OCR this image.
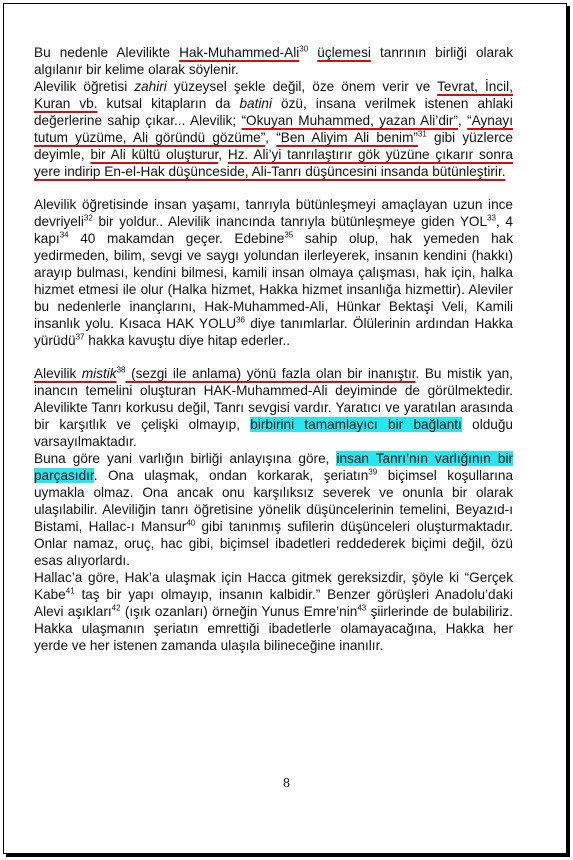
Bu nedenle Alevilikte Hak-Muhammed-Ali$^{30}$ üçlemesi tanrının birliği olarak algılanır bir kelime olarak söylenir.

Alevilik öğretisi zahiri yüzeysel şekle değil, öze önem verir ve Tevrat, İncil, Kuran vb. kutsal kitapların da batini özü, insana verilmek istenen ahlaki değerlerine sahip çıkar... Alevilik; “Okuyan Muhammed, yazan Ali’dir”, “Aynayı tutum yüzüme, Ali göründü gözüme”, “Ben Aliyim Ali benim”$^{31}$ gibi yüzlerce deyimle, bir Ali kültü oluşturur, Hz. Ali’yi tanrılaştırır gök yüzüne çıkarır sonra yere indirip En-el-Hak düşünceside, Ali-Tanrı düşüncesini insanda bütünleştirir.

Alevilik öğretisinde insan yaşamı, tanrıyla bütünleşmeyi amaçlayan uzun ince devriyeli$^{32}$ bir yoldur.. Alevilik inancında tanrıyla bütünleşmeye giden YOL$^{33}$, 4 kapı$^{34}$ 40 makamdan geçer. Edebine$^{35}$ sahip olup, hak yemeden hak yedirmeden, bilim, sevgi ve saygı yolundan ilerleyerek, insanın kendini (hakkı) arayıp bulması, kendini bilmesi, kamili insan olmaya çalışması, hak için, halka hizmet etmesi ile olur (Halka hizmet, Hakka hizmet insanlığa hizmettir). Aleviler bu nedenlerle inançlarını, Hak-Muhammed-Ali, Hünkar Bektaşi Veli, Kamili insanlık yolu. Kısaca HAK YOLU$^{36}$ diye tanımlarlar. Ölülerinin ardından Hakka yürüdü$^{37}$ hakka kavuştu diye hitap ederler..

Alevilik mistik$^{38}$ (sezgi ile anlama) yönü fazla olan bir inanıştır. Bu mistik yan, inancın temelini oluşturan HAK-Muhammed-Ali deyiminde de görülmektedir. Alevilikte Tanrı korkusu değil, Tanrı sevgisi vardır. Yaratıcı ve yaratılan arasında bir karşıtlık ve çelişki olmayıp, birbirini tamamlayıcı bir bağlantı olduğu varsayılmaktadır.

Buna göre yani varlığın birliği anlayışına göre, insan Tanrı’nın varlığının bir parçasıdır. Ona ulaşmak, ondan korkarak, şeriatın$^{39}$ biçimsel koşullarına uymakla olmaz. Ona ancak onu karşılıksız severek ve onunla bir olarak ulaşılabilir. Aleviliğin tanrı öğretisine yönelik düşüncelerinin temelini, Beyazıd-ı Bistami, Hallac-ı Mansur$^{40}$ gibi tanınmış sufilerin düşünceleri oluşturmaktadır. Onlar namaz, oruç, hac gibi, biçimsel ibadetleri reddederek biçimi değil, özü esas alıyorlardı.

Hallac’a göre, Hak’a ulaşmak için Hacca gitmek gereksizdir, şöyle ki “Gerçek Kabe$^{41}$ taş bir yapı olmayıp, insanın kalbidir.” Benzer görüşleri Anadolu’daki Alevi aşıkları$^{42}$ (ışık ozanları) örneğin Yunus Emre’nin$^{43}$ şiirlerinde de bulabiliriz. Hakka ulaşmanın şeriatın emrettiği ibadetlerle olamayacağına, Hakka her yerde ve her istenen zamanda ulaşıla bilineceğine inanılır.

8
